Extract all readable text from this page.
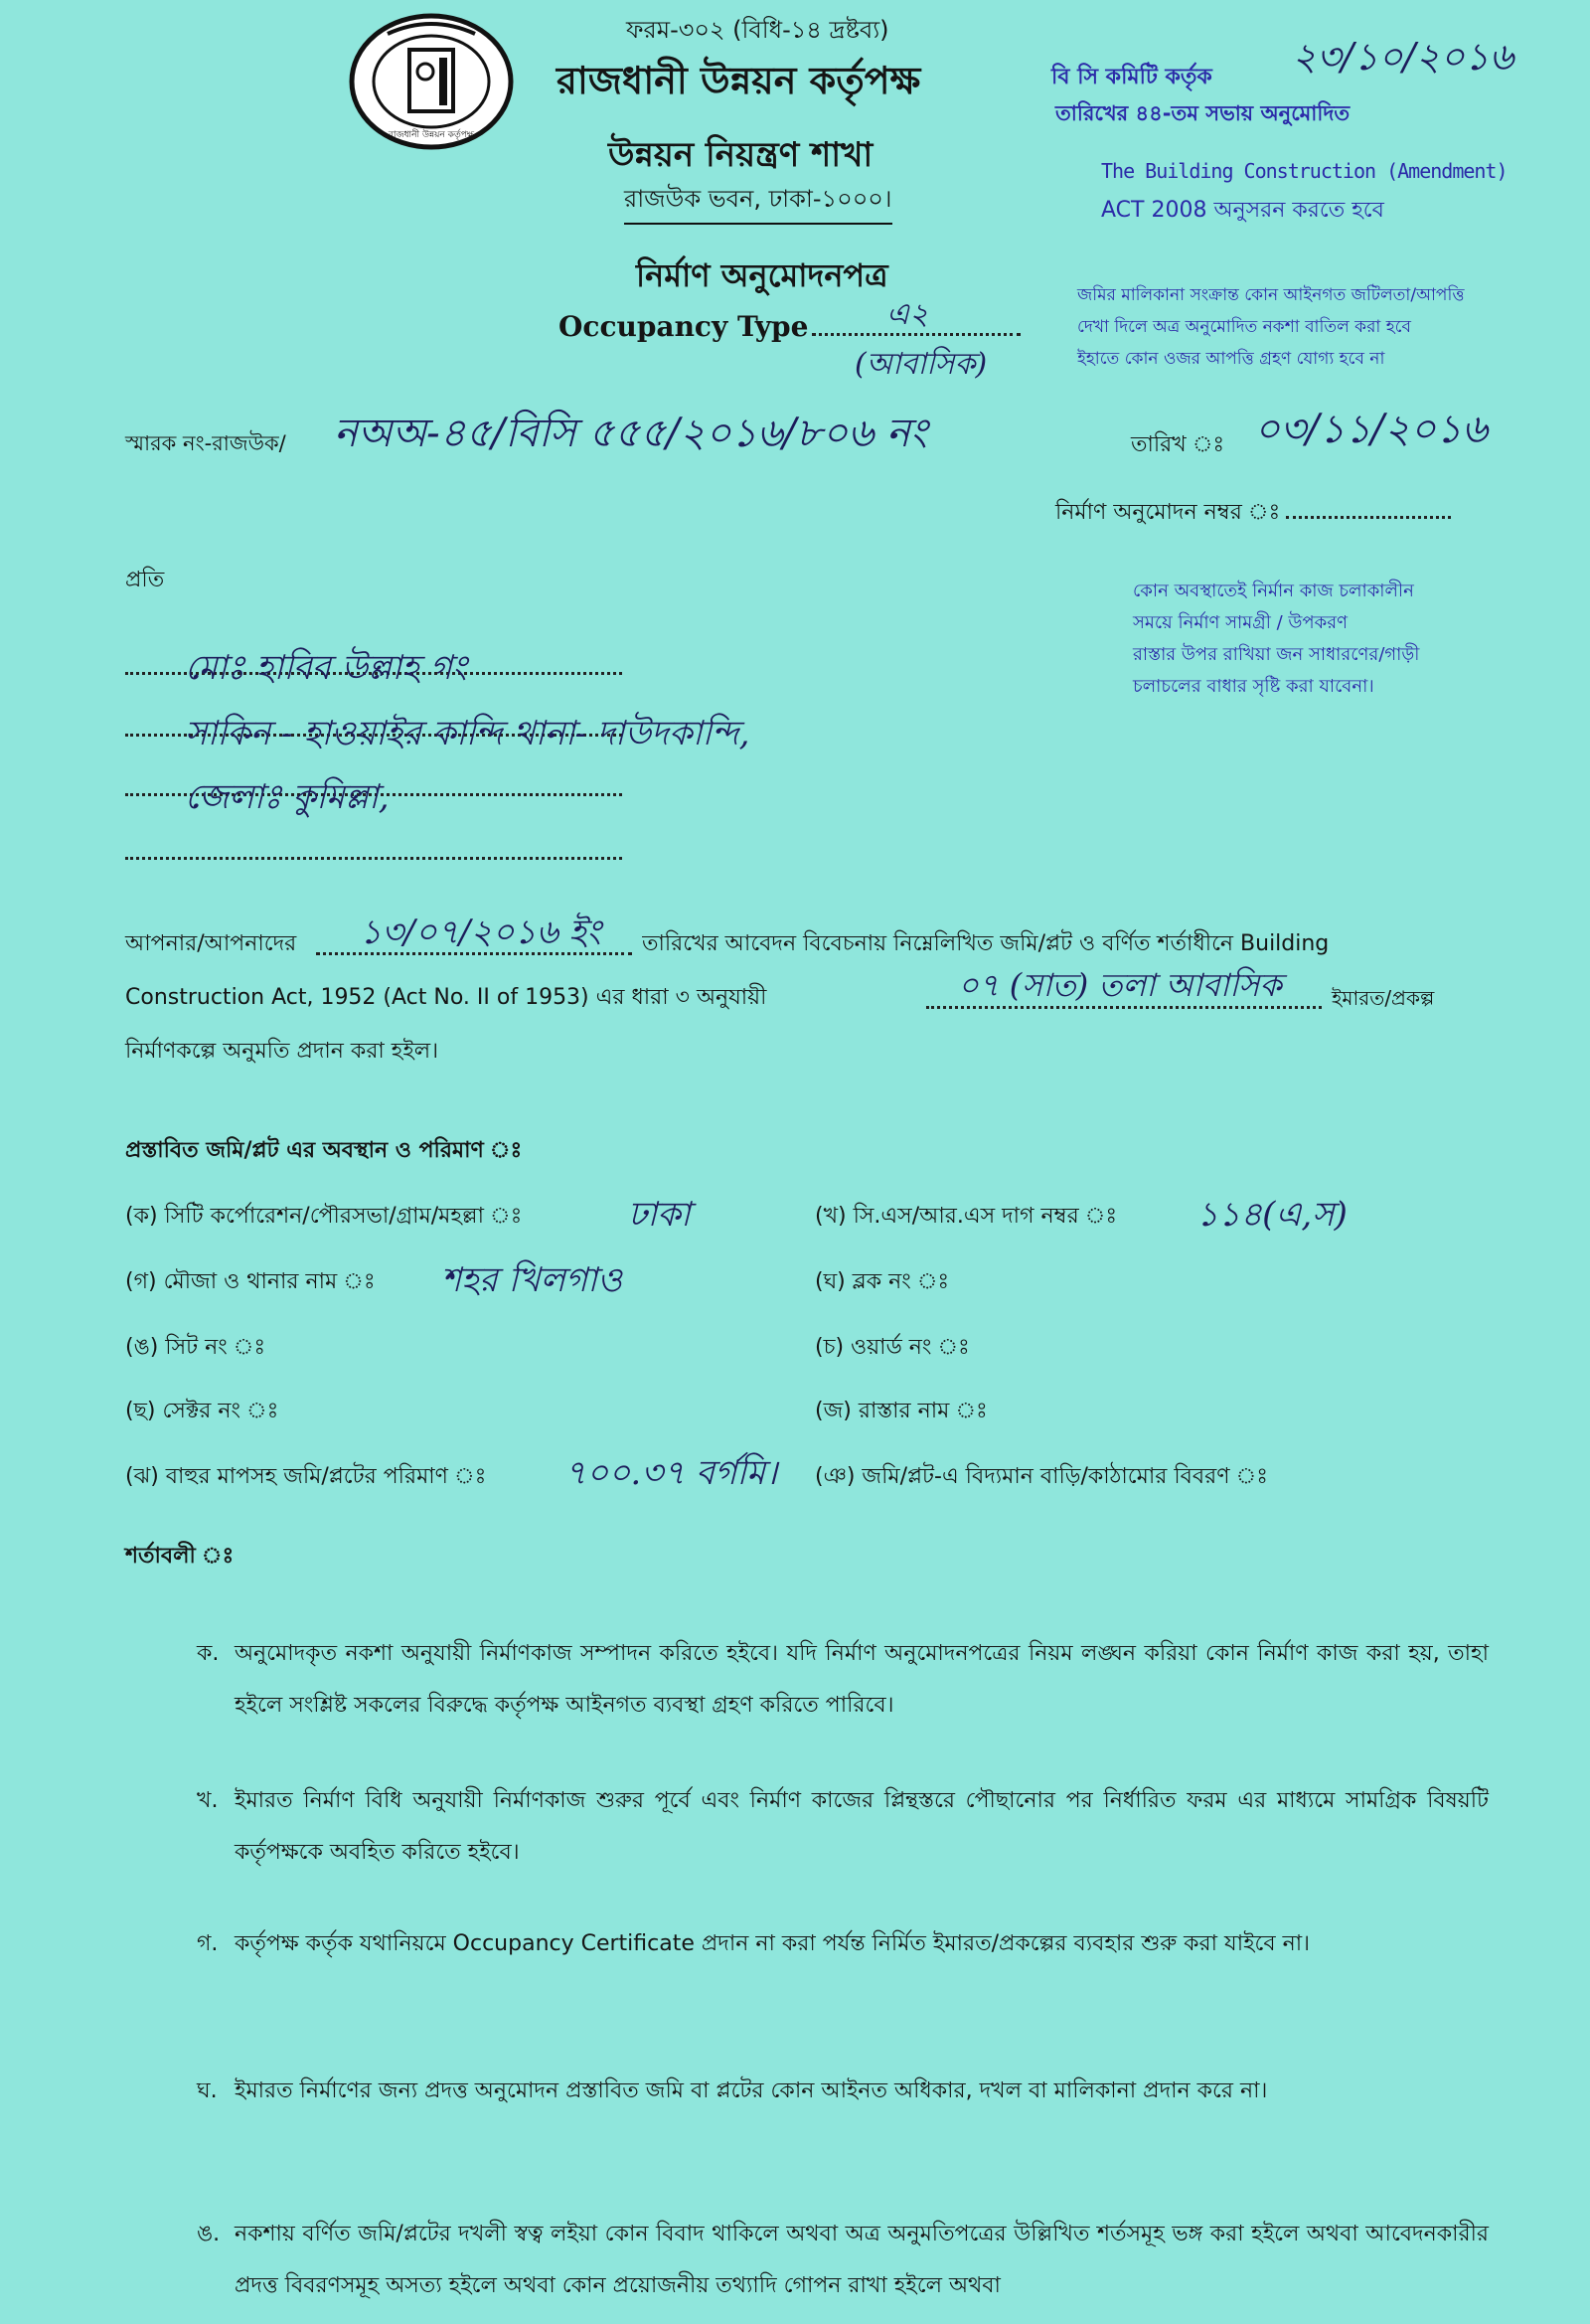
ফরম-৩০২ (বিধি-১৪ দ্রষ্টব্য)
রাজধানী উন্নয়ন কর্তৃপক্ষ
রাজধানী উন্নয়ন কর্তৃপক্ষ
উন্নয়ন নিয়ন্ত্রণ শাখা
রাজউক ভবন, ঢাকা-১০০০।
বি সি কমিটি কর্তৃক ২৩/১০/২০১৬
তারিখের ৪৪-তম সভায় অনুমোদিত
The Building Construction (Amendment)
ACT 2008 অনুসরন করতে হবে
নির্মাণ অনুমোদনপত্র
Occupancy Type	এ২
(আবাসিক)
জমির মালিকানা সংক্রান্ত কোন আইনগত জটিলতা/আপত্তি
দেখা দিলে অত্র অনুমোদিত নকশা বাতিল করা হবে
ইহাতে কোন ওজর আপত্তি গ্রহণ যোগ্য হবে না
স্মারক নং-রাজউক/ নঅঅ-৪৫/বিসি ৫৫৫/২০১৬/৮০৬ নং	তারিখ ঃ ০৩/১১/২০১৬
নির্মাণ অনুমোদন নম্বর ঃ
কোন অবস্থাতেই নির্মান কাজ চলাকালীন
সময়ে নির্মাণ সামগ্রী / উপকরণ
রাস্তার উপর রাখিয়া জন সাধারণের/গাড়ী
চলাচলের বাধার সৃষ্টি করা যাবেনা।
প্রতি
মোঃ হাবিব উল্লাহ গং
সাকিন - হাওয়াইর কান্দি থানা- দাউদকান্দি,
জেলাঃ কুমিল্লা,
আপনার/আপনাদের ১৩/০৭/২০১৬ ইং তারিখের আবেদন বিবেচনায় নিম্নেলিখিত জমি/প্লট ও বর্ণিত শর্তাধীনে Building
Construction Act, 1952 (Act No. II of 1953) এর ধারা ৩ অনুযায়ী	০৭ (সাত) তলা আবাসিক	ইমারত/প্রকল্প
নির্মাণকল্পে অনুমতি প্রদান করা হইল।
প্রস্তাবিত জমি/প্লট এর অবস্থান ও পরিমাণ ঃ
(ক) সিটি কর্পোরেশন/পৌরসভা/গ্রাম/মহল্লা ঃ	ঢাকা	(খ) সি.এস/আর.এস দাগ নম্বর ঃ ১১৪(এ,স)
(গ) মৌজা ও থানার নাম ঃ শহর খিলগাও	(ঘ) ব্লক নং ঃ
(ঙ) সিট নং ঃ	(চ) ওয়ার্ড নং ঃ
(ছ) সেক্টর নং ঃ	(জ) রাস্তার নাম ঃ
(ঝ) বাহুর মাপসহ জমি/প্লটের পরিমাণ ঃ ৭০০.৩৭ বর্গমি। (ঞ) জমি/প্লট-এ বিদ্যমান বাড়ি/কাঠামোর বিবরণ ঃ
শর্তাবলী ঃ
ক. অনুমোদকৃত নকশা অনুযায়ী নির্মাণকাজ সম্পাদন করিতে হইবে। যদি নির্মাণ অনুমোদনপত্রের নিয়ম লঙ্ঘন করিয়া কোন নির্মাণ কাজ করা হয়, তাহা হইলে সংশ্লিষ্ট সকলের বিরুদ্ধে কর্তৃপক্ষ আইনগত ব্যবস্থা গ্রহণ করিতে পারিবে।
খ. ইমারত নির্মাণ বিধি অনুযায়ী নির্মাণকাজ শুরুর পূর্বে এবং নির্মাণ কাজের প্লিন্থস্তরে পৌছানোর পর নির্ধারিত ফরম এর মাধ্যমে সামগ্রিক বিষয়টি কর্তৃপক্ষকে অবহিত করিতে হইবে।
গ. কর্তৃপক্ষ কর্তৃক যথানিয়মে Occupancy Certificate প্রদান না করা পর্যন্ত নির্মিত ইমারত/প্রকল্পের ব্যবহার শুরু করা যাইবে না।
ঘ. ইমারত নির্মাণের জন্য প্রদত্ত অনুমোদন প্রস্তাবিত জমি বা প্লটের কোন আইনত অধিকার, দখল বা মালিকানা প্রদান করে না।
ঙ. নকশায় বর্ণিত জমি/প্লটের দখলী স্বত্ব লইয়া কোন বিবাদ থাকিলে অথবা অত্র অনুমতিপত্রের উল্লিখিত শর্তসমূহ ভঙ্গ করা হইলে অথবা আবেদনকারীর প্রদত্ত বিবরণসমূহ অসত্য হইলে অথবা কোন প্রয়োজনীয় তথ্যাদি গোপন রাখা হইলে অথবা
